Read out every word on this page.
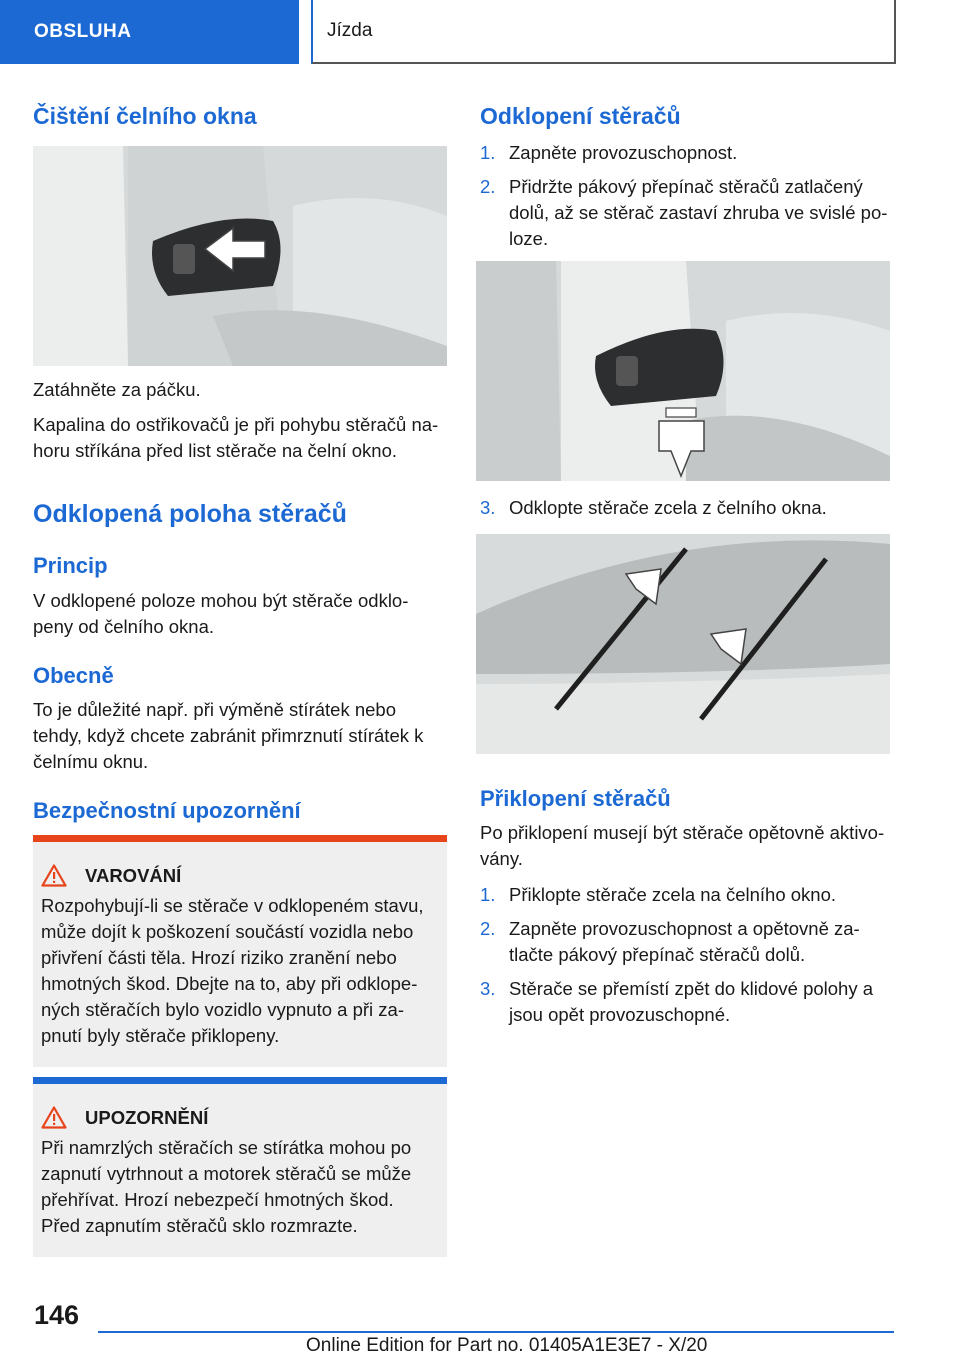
OBSLUHA	Jízda
Čištění čelního okna
Zatáhněte za páčku.
Kapalina do ostřikovačů je při pohybu stěračů na-
horu stříkána před list stěrače na čelní okno.
Odklopená poloha stěračů
Princip
V odklopené poloze mohou být stěrače odklo-
peny od čelního okna.
Obecně
To je důležité např. při výměně stírátek nebo
tehdy, když chcete zabránit přimrznutí stírátek k
čelnímu oknu.
Bezpečnostní upozornění
VAROVÁNÍ
Rozpohybují-li se stěrače v odklopeném stavu,
může dojít k poškození součástí vozidla nebo
přivření části těla. Hrozí riziko zranění nebo
hmotných škod. Dbejte na to, aby při odklope-
ných stěračích bylo vozidlo vypnuto a při za-
pnutí byly stěrače přiklopeny.
UPOZORNĚNÍ
Při namrzlých stěračích se stírátka mohou po
zapnutí vytrhnout a motorek stěračů se může
přehřívat. Hrozí nebezpečí hmotných škod.
Před zapnutím stěračů sklo rozmrazte.
Odklopení stěračů
1. Zapněte provozuschopnost.
2. Přidržte pákový přepínač stěračů zatlačený
dolů, až se stěrač zastaví zhruba ve svislé po-
loze.
3. Odklopte stěrače zcela z čelního okna.
Přiklopení stěračů
Po přiklopení musejí být stěrače opětovně aktivo-
vány.
1. Přiklopte stěrače zcela na čelního okno.
2. Zapněte provozuschopnost a opětovně za-
tlačte pákový přepínač stěračů dolů.
3. Stěrače se přemístí zpět do klidové polohy a
jsou opět provozuschopné.
146
Online Edition for Part no. 01405A1E3E7 - X/20
